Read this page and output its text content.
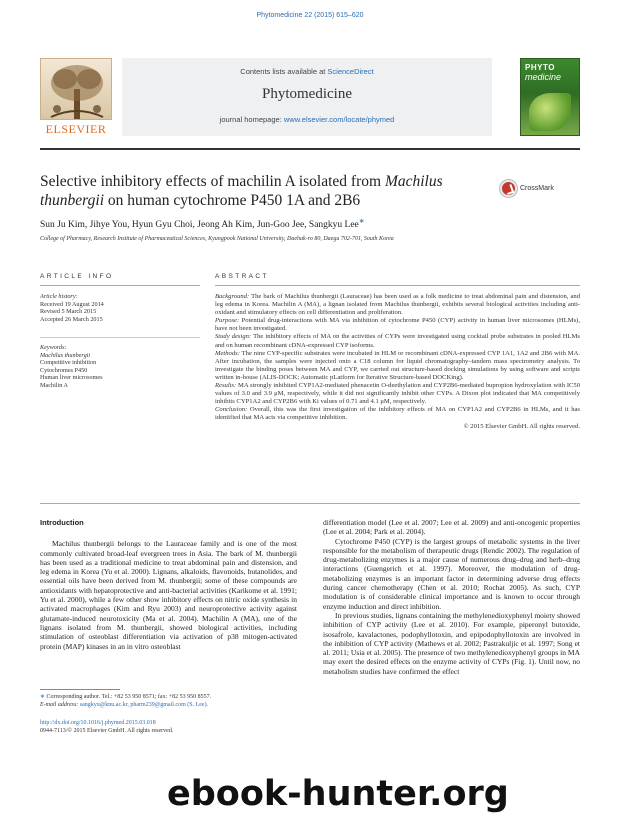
Phytomedicine 22 (2015) 615–620
ELSEVIER
Contents lists available at ScienceDirect
Phytomedicine
journal homepage: www.elsevier.com/locate/phymed
PHYTO
medicine
Selective inhibitory effects of machilin A isolated from Machilus thunbergii on human cytochrome P450 1A and 2B6
CrossMark
Sun Ju Kim, Jihye You, Hyun Gyu Choi, Jeong Ah Kim, Jun-Goo Jee, Sangkyu Lee∗
College of Pharmacy, Research Institute of Pharmaceutical Sciences, Kyungpook National University, Daehak-ro 80, Daegu 702-701, South Korea
ARTICLE INFO	ABSTRACT
Article history:
Received 19 August 2014
Revised 5 March 2015
Accepted 26 March 2015
Keywords:
Machilus thunbergii
Competitive inhibition
Cytochromes P450
Human liver microsomes
Machilin A

Background: The bark of Machilus thunbergii (Lauraceae) has been used as a folk medicine to treat abdominal pain and distension, and leg edema in Korea. Machilin A (MA), a lignan isolated from Machilus thunbergii, exhibits several biological activities including anti-oxidant and stimulatory effects on cell differentiation and proliferation.

Purpose: Potential drug-interactions with MA via inhibition of cytochrome P450 (CYP) activity in human liver microsomes (HLMs), have not been investigated.

Study design: The inhibitory effects of MA on the activities of CYPs were investigated using cocktail probe substrates in pooled HLMs and on human recombinant cDNA-expressed CYP isoforms.

Methods: The nine CYP-specific substrates were incubated in HLM or recombinant cDNA-expressed CYP 1A1, 1A2 and 2B6 with MA. After incubation, the samples were injected onto a C18 column for liquid chromatography–tandem mass spectrometry analysis. To investigate the binding poses between MA and CYP, we carried out structure-based docking simulations by using software and scripts written in-house (ALIS-DOCK; Automatic pLatform for Iterative Structure-based DOCKing).

Results: MA strongly inhibited CYP1A2-mediated phenacetin O-deethylation and CYP2B6-mediated bupropion hydroxylation with IC50 values of 3.0 and 3.9 μM, respectively, while it did not significantly inhibit other CYPs. A Dixon plot indicated that MA competitively inhibits CYP1A2 and CYP2B6 with Ki values of 0.71 and 4.1 μM, respectively.

Conclusion: Overall, this was the first investigation of the inhibitory effects of MA on CYP1A2 and CYP2B6 in HLMs, and it has identified that MA acts via competitive inhibition.

© 2015 Elsevier GmbH. All rights reserved.

Introduction

Machilus thunbergii belongs to the Lauraceae family and is one of the most commonly cultivated broad-leaf evergreen trees in Asia. The bark of M. thunbergii has been used as a traditional medicine to treat abdominal pain and distension, and leg edema in Korea (Yu et al. 2000). Lignans, alkaloids, flavonoids, butanolides, and essential oils have been derived from M. thunbergii; some of these compounds are antioxidants with hepatoprotective and anti-bacterial activities (Karikome et al. 1991; Yu et al. 2000), while a few other show inhibitory effects on nitric oxide synthesis in activated macrophages (Kim and Ryu 2003) and neuroprotective activity against glutamate-induced neurotoxicity (Ma et al. 2004). Machilin A (MA), one of the lignans isolated from M. thunbergii, showed biological activities, including stimulation of osteoblast differentiation via activation of p38 mitogen-activated protein (MAP) kinases in an in vitro osteoblast

differentiation model (Lee et al. 2007; Lee et al. 2009) and anti-oncogenic properties (Lee et al. 2004; Park et al. 2004).

Cytochrome P450 (CYP) is the largest groups of metabolic systems in the liver responsible for the metabolism of therapeutic drugs (Rendic 2002). The regulation of drug-metabolizing enzymes is a major cause of numerous drug–drug and herb–drug interactions (Guengerich et al. 1997). Moreover, the modulation of drug-metabolizing enzymes is an important factor in determining adverse drug effects during cancer chemotherapy (Chen et al. 2010; Rochat 2005). As such, CYP modulation is of considerable clinical importance and is known to occur through enzyme induction and direct inhibition.

In previous studies, lignans containing the methylenedioxyphenyl moiety showed inhibition of CYP activity (Lee et al. 2010). For example, piperonyl butoxide, isosafrole, kavalactones, podophyllotoxin, and epipodophyllotoxin are involved in the inhibition of CYP activity (Mathews et al. 2002; Pastrakuljic et al. 1997; Song et al. 2011; Usia et al. 2005). The presence of two methylenedioxyphenyl groups in MA may exert the desired effects on the enzyme activity of CYPs (Fig. 1). Until now, no metabolism studies have confirmed the effect

∗ Corresponding author. Tel.: +82 53 950 8571; fax: +82 53 950 8557.
E-mail address: sangkyu@knu.ac.kr, pharm239@gmail.com (S. Lee).
http://dx.doi.org/10.1016/j.phymed.2015.03.018
0944-7113/© 2015 Elsevier GmbH. All rights reserved.
ebook-hunter.org
